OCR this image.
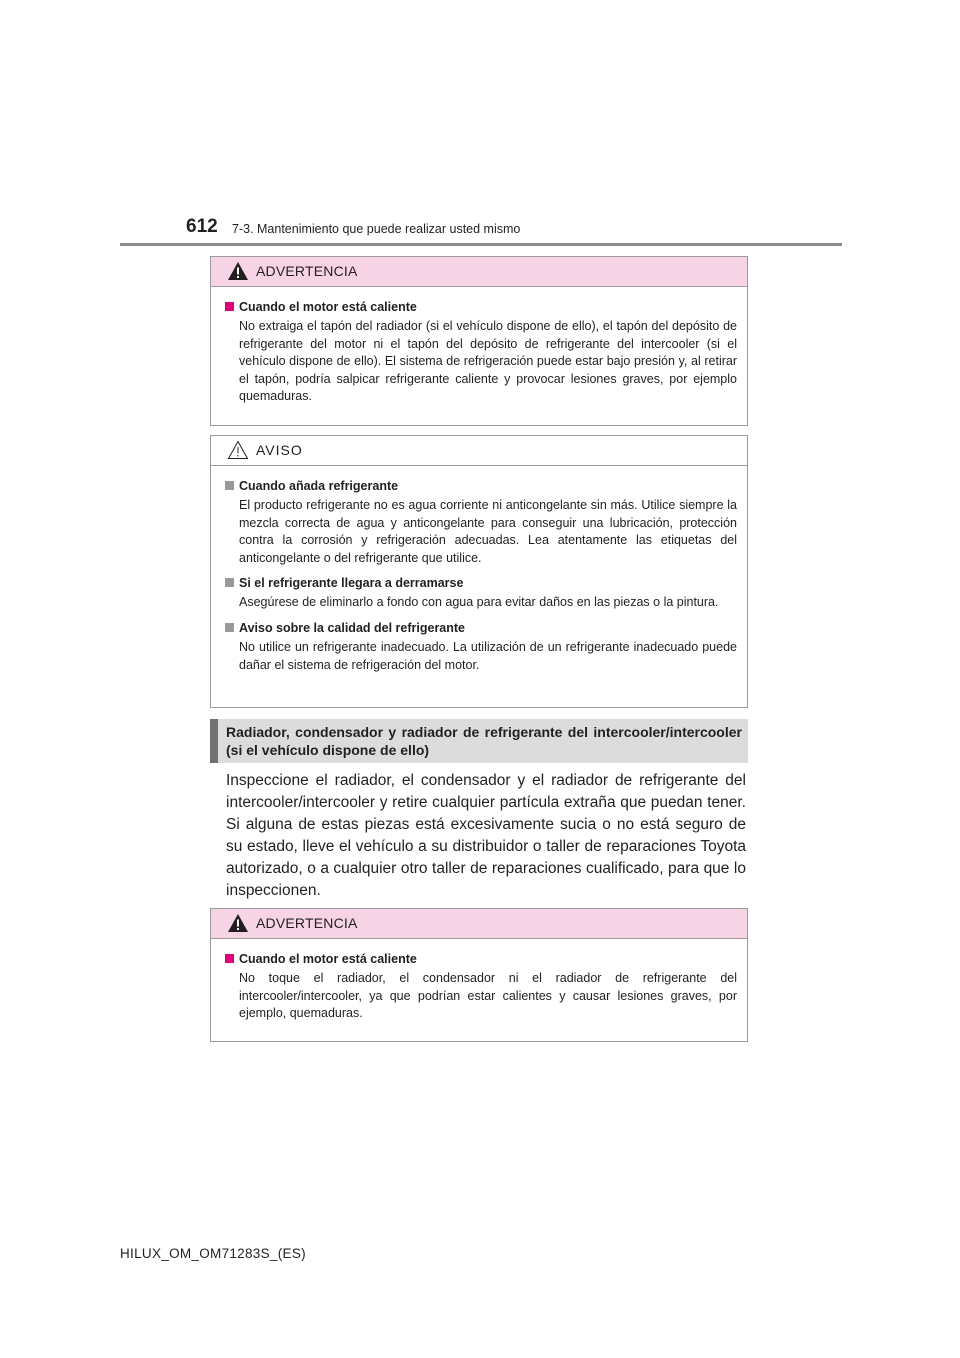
612 7-3. Mantenimiento que puede realizar usted mismo
ADVERTENCIA
Cuando el motor está caliente
No extraiga el tapón del radiador (si el vehículo dispone de ello), el tapón del depósito de refrigerante del motor ni el tapón del depósito de refrigerante del intercooler (si el vehículo dispone de ello). El sistema de refrigeración puede estar bajo presión y, al retirar el tapón, podría salpicar refrigerante caliente y provocar lesiones graves, por ejemplo quemaduras.
AVISO
Cuando añada refrigerante
El producto refrigerante no es agua corriente ni anticongelante sin más. Utilice siempre la mezcla correcta de agua y anticongelante para conseguir una lubricación, protección contra la corrosión y refrigeración adecuadas. Lea atentamente las etiquetas del anticongelante o del refrigerante que utilice.
Si el refrigerante llegara a derramarse
Asegúrese de eliminarlo a fondo con agua para evitar daños en las piezas o la pintura.
Aviso sobre la calidad del refrigerante
No utilice un refrigerante inadecuado. La utilización de un refrigerante inadecuado puede dañar el sistema de refrigeración del motor.
Radiador, condensador y radiador de refrigerante del intercooler/intercooler (si el vehículo dispone de ello)
Inspeccione el radiador, el condensador y el radiador de refrigerante del intercooler/intercooler y retire cualquier partícula extraña que puedan tener. Si alguna de estas piezas está excesivamente sucia o no está seguro de su estado, lleve el vehículo a su distribuidor o taller de reparaciones Toyota autorizado, o a cualquier otro taller de reparaciones cualificado, para que lo inspeccionen.
ADVERTENCIA
Cuando el motor está caliente
No toque el radiador, el condensador ni el radiador de refrigerante del intercooler/intercooler, ya que podrían estar calientes y causar lesiones graves, por ejemplo, quemaduras.
HILUX_OM_OM71283S_(ES)
